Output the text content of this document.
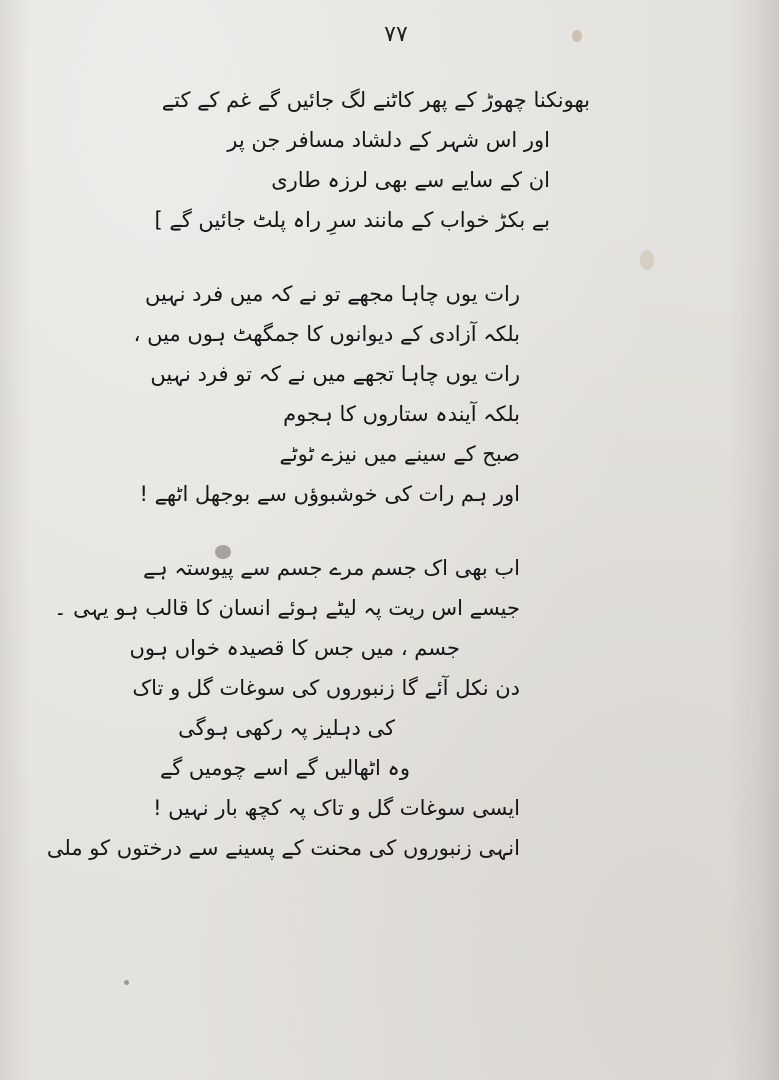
٧٧
بھونکنا چھوڑ کے پھر کاٹنے لگ جائیں گے غم کے کتے
اور اس شہر کے دلشاد مسافر جن پر
ان کے سایے سے بھی لرزہ طاری
بے بکڑ خواب کے مانند سرِ راہ پلٹ جائیں گے ]
رات یوں چاہا مجھے تو نے کہ میں فرد نہیں
بلکہ آزادی کے دیوانوں کا جمگھٹ ہوں میں ،
رات یوں چاہا تجھے میں نے کہ تو فرد نہیں
بلکہ آیندہ ستاروں کا ہجوم
صبح کے سینے میں نیزے ٹوٹے
اور ہم رات کی خوشبوؤں سے بوجھل اٹھے !
اب بھی اک جسم مرے جسم سے پیوستہ ہے
جیسے اس ریت پہ لیٹے ہوئے انسان کا قالب ہو یہی ۔
جسم ، میں جس کا قصیدہ خواں ہوں
دن نکل آئے گا زنبوروں کی سوغات گل و تاک
کی دہلیز پہ رکھی ہوگی
وہ اٹھالیں گے اسے چومیں گے
ایسی سوغات گل و تاک پہ کچھ بار نہیں !
انہی زنبوروں کی محنت کے پسینے سے درختوں کو ملی
